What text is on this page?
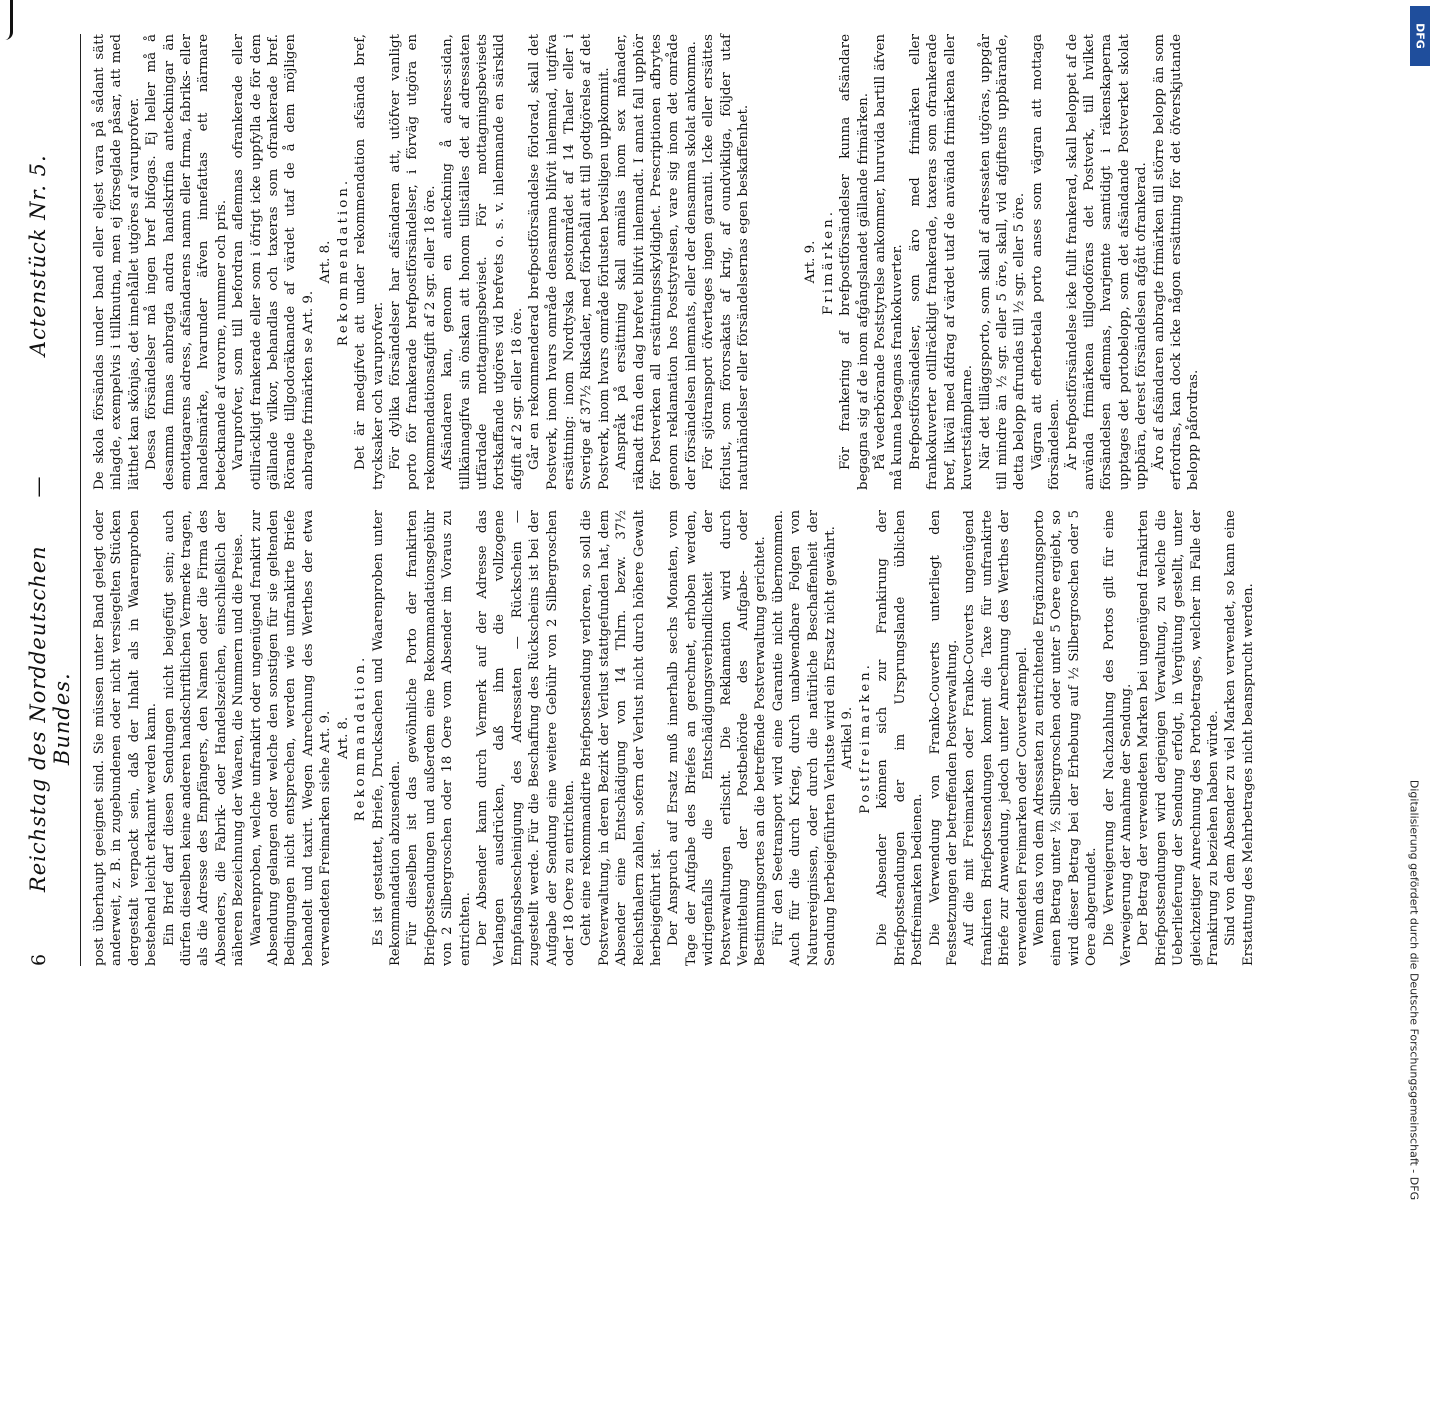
6
Reichstag des Norddeutschen Bundes.
—
Actenstück Nr. 5.

post überhaupt geeignet sind. Sie müssen unter Band gelegt oder anderweit, z. B. in zugebundenen oder nicht versiegelten Stücken dergestalt verpackt sein, daß der Inhalt als in Waarenproben bestehend leicht erkannt werden kann. Ein Brief darf diesen Sendungen nicht beigefügt sein; auch dürfen dieselben keine anderen handschriftlichen Vermerke tragen, als die Adresse des Empfängers, den Namen oder die Firma des Absenders, die Fabrik- oder Handelszeichen, einschließlich der näheren Bezeichnung der Waaren, die Nummern und die Preise. Waarenproben, welche unfrankirt oder ungenügend frankirt zur Absendung gelangen oder welche den sonstigen für sie geltenden Bedingungen nicht entsprechen, werden wie unfrankirte Briefe behandelt und taxirt. Wegen Anrechnung des Werthes der etwa verwendeten Freimarken siehe Art. 9. Art. 8. Rekommandation. Es ist gestattet, Briefe, Drucksachen und Waarenproben unter Rekommandation abzusenden. Für dieselben ist das gewöhnliche Porto der frankirten Briefpostsendungen und außerdem eine Rekommandationsgebühr von 2 Silbergroschen oder 18 Oere vom Absender im Voraus zu entrichten. Der Absender kann durch Vermerk auf der Adresse das Verlangen ausdrücken, daß ihm die vollzogene Empfangsbescheinigung des Adressaten — Rückschein — zugestellt werde. Für die Beschaffung des Rückscheins ist bei der Aufgabe der Sendung eine weitere Gebühr von 2 Silbergroschen oder 18 Oere zu entrichten. Geht eine rekommandirte Briefpostsendung verloren, so soll die Postverwaltung, in deren Bezirk der Verlust stattgefunden hat, dem Absender eine Entschädigung von 14 Thlrn. bezw. 37½ Reichsthalern zahlen, sofern der Verlust nicht durch höhere Gewalt herbeigeführt ist. Der Anspruch auf Ersatz muß innerhalb sechs Monaten, vom Tage der Aufgabe des Briefes an gerechnet, erhoben werden, widrigenfalls die Entschädigungsverbindlichkeit der Postverwaltungen erlischt. Die Reklamation wird durch Vermittelung der Postbehörde des Aufgabe- oder Bestimmungsortes an die betreffende Postverwaltung gerichtet. Für den Seetransport wird eine Garantie nicht übernommen. Auch für die durch Krieg, durch unabwendbare Folgen von Naturereignissen, oder durch die natürliche Beschaffenheit der Sendung herbeigeführten Verluste wird ein Ersatz nicht gewährt. Artikel 9. Postfreimarken. Die Absender können sich zur Frankirung der Briefpostsendungen der im Ursprungslande üblichen Postfreimarken bedienen. Die Verwendung von Franko-Couverts unterliegt den Festsetzungen der betreffenden Postverwaltung. Auf die mit Freimarken oder Franko-Couverts ungenügend frankirten Briefpostsendungen kommt die Taxe für unfrankirte Briefe zur Anwendung, jedoch unter Anrechnung des Werthes der verwendeten Freimarken oder Couvertstempel. Wenn das von dem Adressaten zu entrichtende Ergänzungsporto einen Betrag unter ½ Silbergroschen oder unter 5 Oere ergiebt, so wird dieser Betrag bei der Erhebung auf ½ Silbergroschen oder 5 Oere abgerundet. Die Verweigerung der Nachzahlung des Portos gilt für eine Verweigerung der Annahme der Sendung. Der Betrag der verwendeten Marken bei ungenügend frankirten Briefpostsendungen wird derjenigen Verwaltung, zu welche die Ueberlieferung der Sendung erfolgt, in Vergütung gestellt, unter gleichzeitiger Anrechnung des Portobetrages, welcher im Falle der Frankirung zu beziehen haben würde. Sind von dem Absender zu viel Marken verwendet, so kann eine Erstattung des Mehrbetrages nicht beansprucht werden.

De skola försändas under band eller eljest vara på sådant sätt inlagde, exempelvis i tillknutna, men ej förseglade påsar, att med lätthet kan skönjas, det innehållet utgöres af varuprofver. Dessa försändelser må ingen bref bifogas. Ej heller må å desamma finnas anbragta andra handskrifna anteckningar än emottagarens adress, afsändarens namn eller firma, fabriks- eller handelsmärke, hvarunder äfven innefattas ett närmare betecknande af varorne, nummer och pris. Varuprofver, som till befordran aflemnas ofrankerade eller otillräckligt frankerade eller som i öfrigt icke uppfylla de för dem gällande vilkor, behandlas och taxeras som ofrankerade bref. Rörande tillgodoräknande af värdet utaf de å dem möjligen anbragte frimärken se Art. 9.

Art. 8. Rekommendation. Det är medgifvet att under rekommendation afsända bref, trycksaker och varuprofver. För dylika försändelser har afsändaren att, utöfver vanligt porto för frankerade brefpostförsändelser, i förväg utgöra en rekommendationsafgift af 2 sgr. eller 18 öre. Afsändaren kan, genom en anteckning å adress-sidan, tillkännagifva sin önskan att honom tillställes det af adressaten utfärdade mottagningsbeviset. För mottagningsbevisets fortskaffande utgöres vid brefvets o. s. v. inlemnande en särskild afgift af 2 sgr. eller 18 öre. Går en rekommenderad brefpostförsändelse förlorad, skall det Postverk, inom hvars område densamma blifvit inlemnad, utgifva ersättning: inom Nordtyska postområdet af 14 Thaler eller i Sverige af 37½ Riksdaler, med förbehåll att till godtgörelse af det Postverk, inom hvars område förlusten bevisligen uppkommit. Anspråk på ersättning skall anmälas inom sex månader, räknadt från den dag brefvet blifvit inlemnadt. I annat fall upphör för Postverken all ersättningsskyldighet. Prescriptionen afbrytes genom reklamation hos Poststyrelsen, vare sig inom det område der försändelsen inlemnats, eller der densamma skolat ankomma. För sjötransport öfvertages ingen garanti. Icke eller ersättes förlust, som förorsakats af krig, af oundvikliga, följder utaf naturhändelser eller försändelsernas egen beskaffenhet.	Art. 9. Frimärken. För frankering af brefpostförsändelser kunna afsändare begagna sig af de inom afgångslandet gällande frimärken. På vederbörande Poststyrelse ankommer, huruvida bartill äfven må kunna begagnas frankokuverter. Brefpostförsändelser, som äro med frimärken eller frankokuverter otillräckligt frankerade, taxeras som ofrankerade bref, likväl med afdrag af värdet utaf de använda frimärkena eller kuvertstämplarne. När det tilläggsporto, som skall af adressaten utgöras, uppgår till mindre än ½ sgr. eller 5 öre, skall, vid afgiftens uppbärande, detta belopp afrundas till ½ sgr. eller 5 öre. Vägran att efterbetala porto anses som vägran att mottaga försändelsen. Är brefpostförsändelse icke fullt frankerad, skall beloppet af de använda frimärkena tillgodoföras det Postverk, till hvilket försändelsen aflemnas, hvarjemte samtidigt i räkenskaperna upptages det portobelopp, som det afsändande Postverket skolat uppbära, derest försändelsen afgått ofrankerad. Äro af afsändaren anbragte frimärken till större belopp än som erfordras, kan dock icke någon ersättning för det öfverskjutande belopp påfordras.

DFG
Digitalisierung gefördert durch die Deutsche Forschungsgemeinschaft - DFG
